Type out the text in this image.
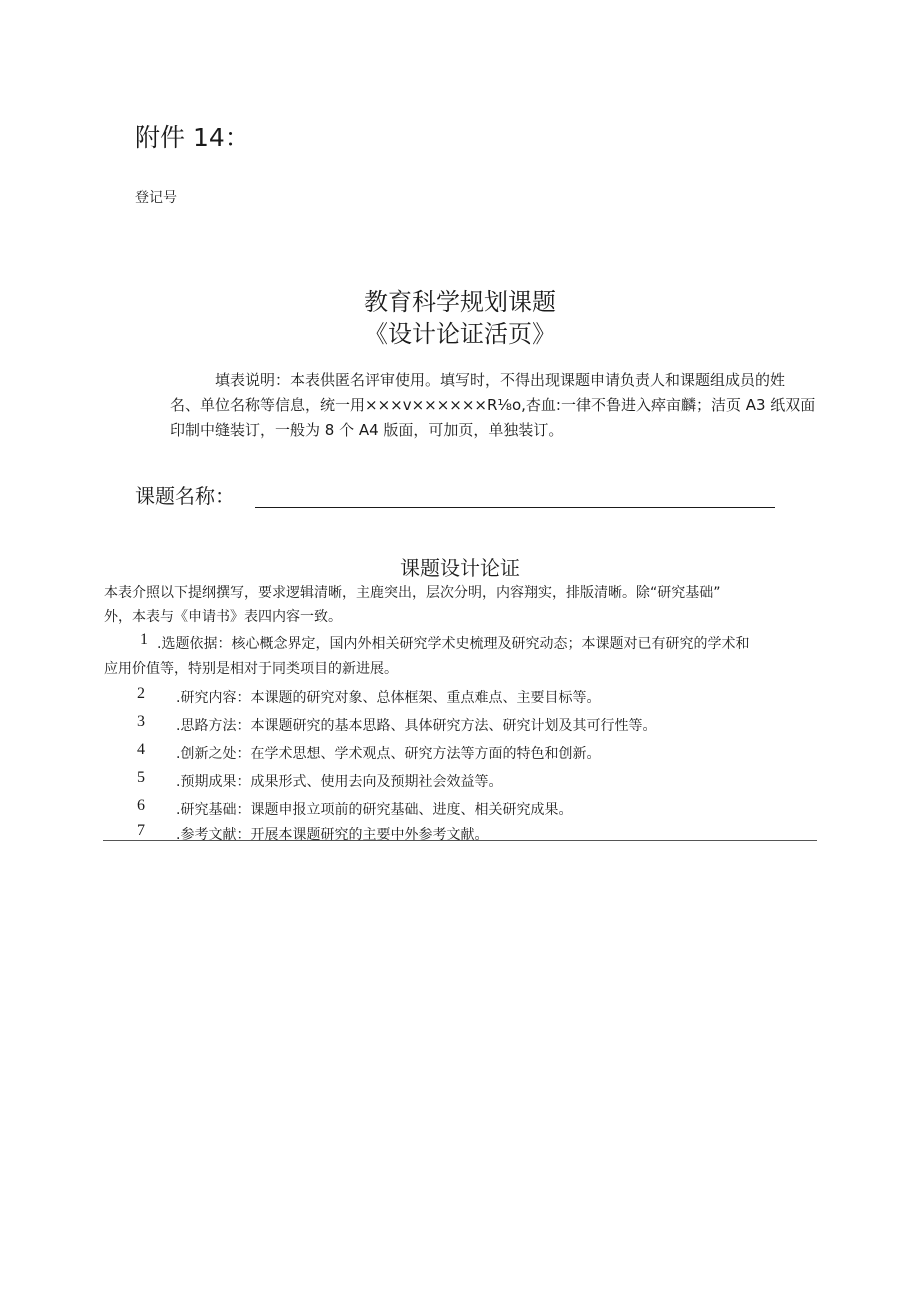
附件 14：
登记号
教育科学规划课题
《设计论证活页》

填表说明：本表供匿名评审使用。填写时，不得出现课题申请负责人和课题组成员的姓

名、单位名称等信息，统一用×××v××××××R⅛o,杏血:一律不鲁进入瘁亩麟；洁页 A3 纸双面

印制中缝装订，一般为 8 个 A4 版面，可加页，单独装订。

课题名称：
课题设计论证
本表介照以下提纲撰写，要求逻辑清晰，主鹿突出，层次分明，内容翔实，排版清晰。除“研究基础”
外，本表与《申请书》表四内容一致。
1 .选题依据：核心概念界定，国内外相关研究学术史梳理及研究动态；本课题对已有研究的学术和
应用价值等，特别是相对于同类项目的新进展。
2 .研究内容：本课题的研究对象、总体框架、重点难点、主要目标等。
3 .思路方法：本课题研究的基本思路、具体研究方法、研究计划及其可行性等。
4 .创新之处：在学术思想、学术观点、研究方法等方面的特色和创新。
5 .预期成果：成果形式、使用去向及预期社会效益等。
6 .研究基础：课题申报立项前的研究基础、进度、相关研究成果。
7 .参考文献：开展本课题研究的主要中外参考文献。
